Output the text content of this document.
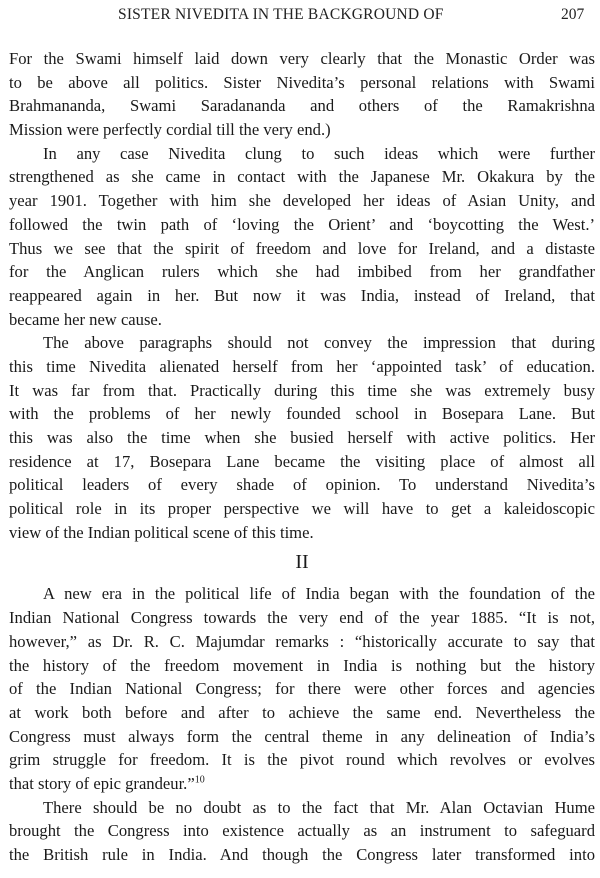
SISTER NIVEDITA IN THE BACKGROUND OF	207
For the Swami himself laid down very clearly that the Monastic Order was
to be above all politics. Sister Nivedita’s personal relations with Swami
Brahmananda, Swami Saradananda and others of the Ramakrishna
Mission were perfectly cordial till the very end.)
In any case Nivedita clung to such ideas which were further
strengthened as she came in contact with the Japanese Mr. Okakura by the
year 1901. Together with him she developed her ideas of Asian Unity, and
followed the twin path of ‘loving the Orient’ and ‘boycotting the West.’
Thus we see that the spirit of freedom and love for Ireland, and a distaste
for the Anglican rulers which she had imbibed from her grandfather
reappeared again in her. But now it was India, instead of Ireland, that
became her new cause.
The above paragraphs should not convey the impression that during
this time Nivedita alienated herself from her ‘appointed task’ of education.
It was far from that. Practically during this time she was extremely busy
with the problems of her newly founded school in Bosepara Lane. But
this was also the time when she busied herself with active politics. Her
residence at 17, Bosepara Lane became the visiting place of almost all
political leaders of every shade of opinion. To understand Nivedita’s
political role in its proper perspective we will have to get a kaleidoscopic
view of the Indian political scene of this time.
II
A new era in the political life of India began with the foundation of the
Indian National Congress towards the very end of the year 1885. “It is not,
however,” as Dr. R. C. Majumdar remarks : “historically accurate to say that
the history of the freedom movement in India is nothing but the history
of the Indian National Congress; for there were other forces and agencies
at work both before and after to achieve the same end. Nevertheless the
Congress must always form the central theme in any delineation of India’s
grim struggle for freedom. It is the pivot round which revolves or evolves
that story of epic grandeur.”$^{10}$
There should be no doubt as to the fact that Mr. Alan Octavian Hume
brought the Congress into existence actually as an instrument to safeguard
the British rule in India. And though the Congress later transformed into
